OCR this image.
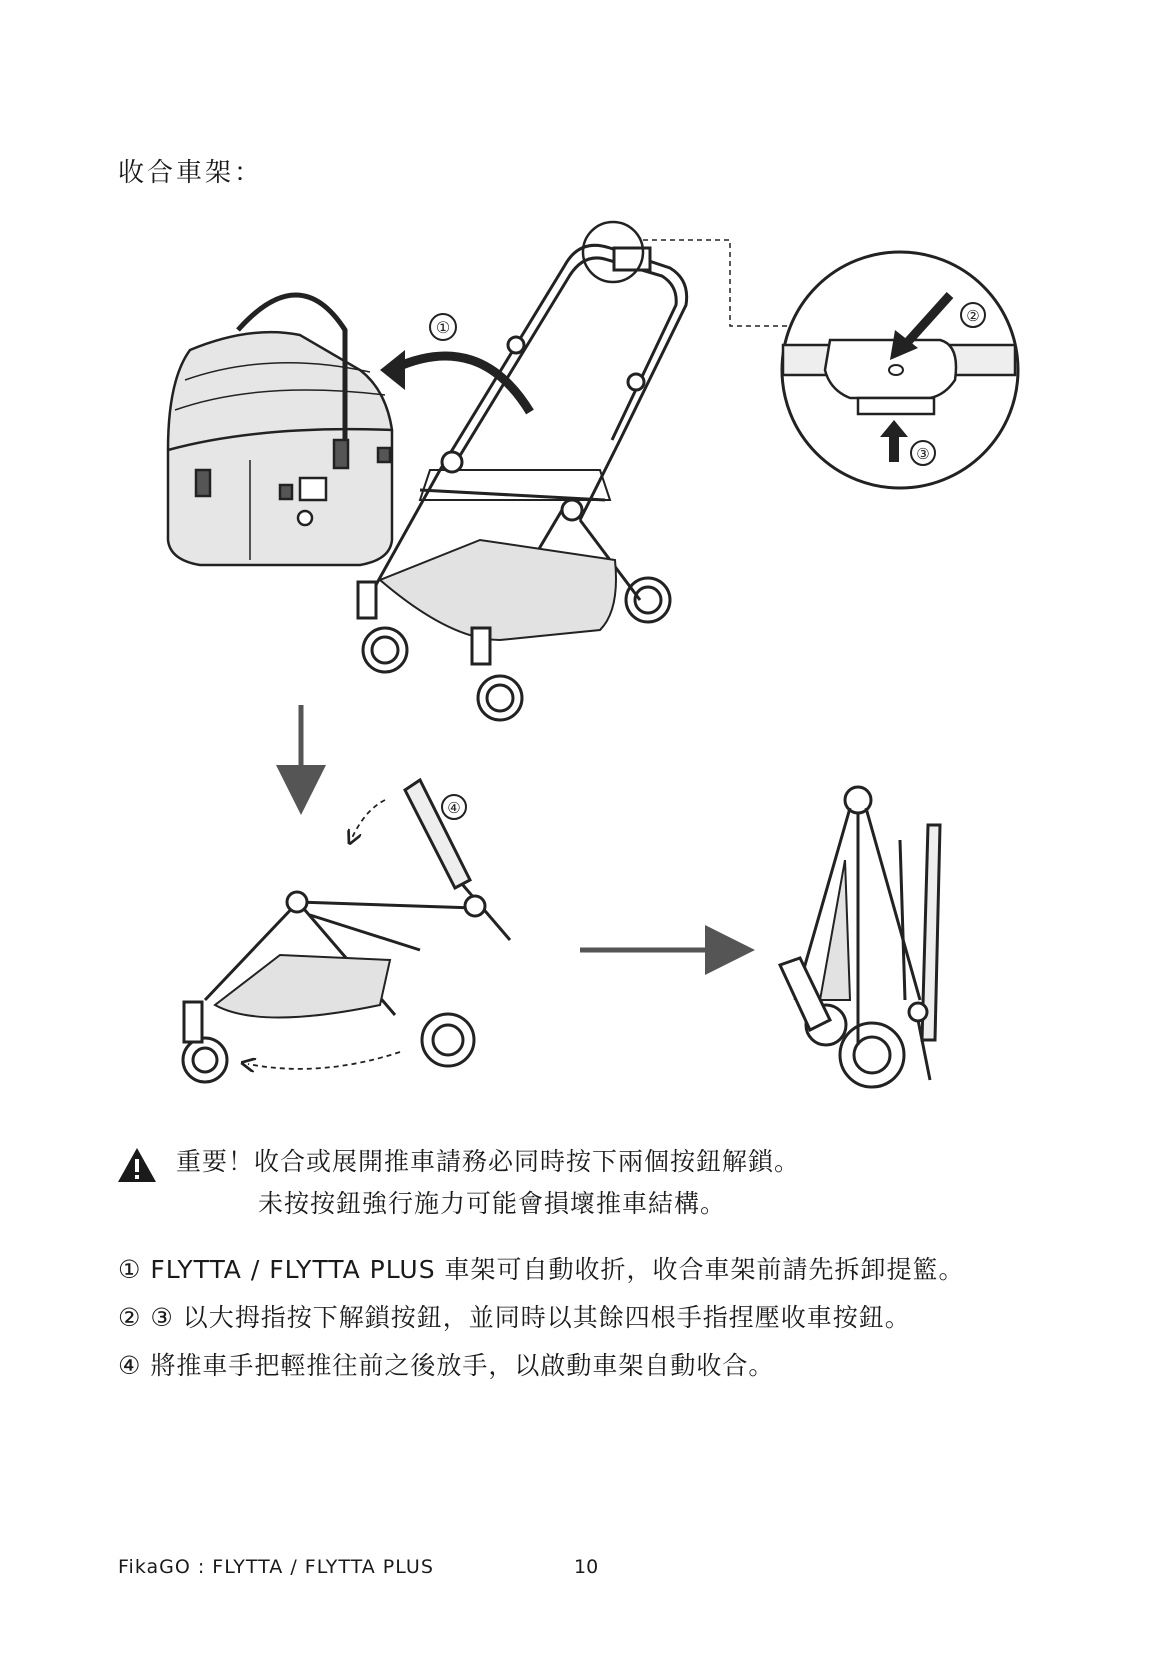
收合車架：
①
②
③
④
重要！收合或展開推車請務必同時按下兩個按鈕解鎖。
未按按鈕強行施力可能會損壞推車結構。
① FLYTTA / FLYTTA PLUS 車架可自動收折，收合車架前請先拆卸提籃。
② ③ 以大拇指按下解鎖按鈕，並同時以其餘四根手指捏壓收車按鈕。
④ 將推車手把輕推往前之後放手，以啟動車架自動收合。
FikaGO : FLYTTA / FLYTTA PLUS	10
